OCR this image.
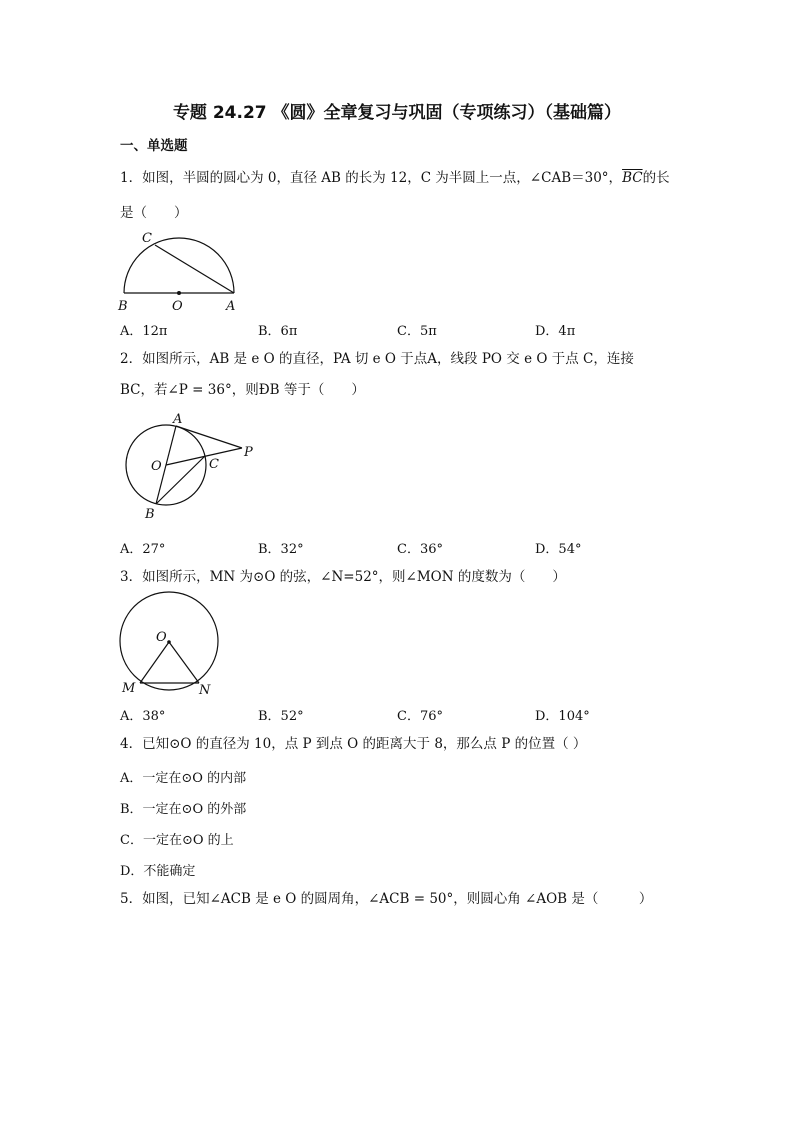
专题 24.27 《圆》全章复习与巩固（专项练习）（基础篇）
一、单选题
1．如图，半圆的圆心为 0，直径 AB 的长为 12，C 为半圆上一点，∠CAB＝30°，$\overline{BC}$的长
是（　　）
C
B	O	A
A．12π	B．6π	C．5π	D．4π
2．如图所示，AB 是 e O 的直径，PA 切 e O 于点A，线段 PO 交 e O 于点 C，连接
BC，若∠P = 36°，则ÐB 等于（　　）
A
O	C
P
B
A．27°	B．32°	C．36°	D．54°
3．如图所示，MN 为⊙O 的弦，∠N=52°，则∠MON 的度数为（　　）
O
M	N
A．38°	B．52°	C．76°	D．104°
4．已知⊙O 的直径为 10，点 P 到点 O 的距离大于 8，那么点 P 的位置（ ）
A．一定在⊙O 的内部
B．一定在⊙O 的外部
C．一定在⊙O 的上
D．不能确定
5．如图，已知∠ACB 是 e O 的圆周角，∠ACB = 50°，则圆心角 ∠AOB 是（　　　）
